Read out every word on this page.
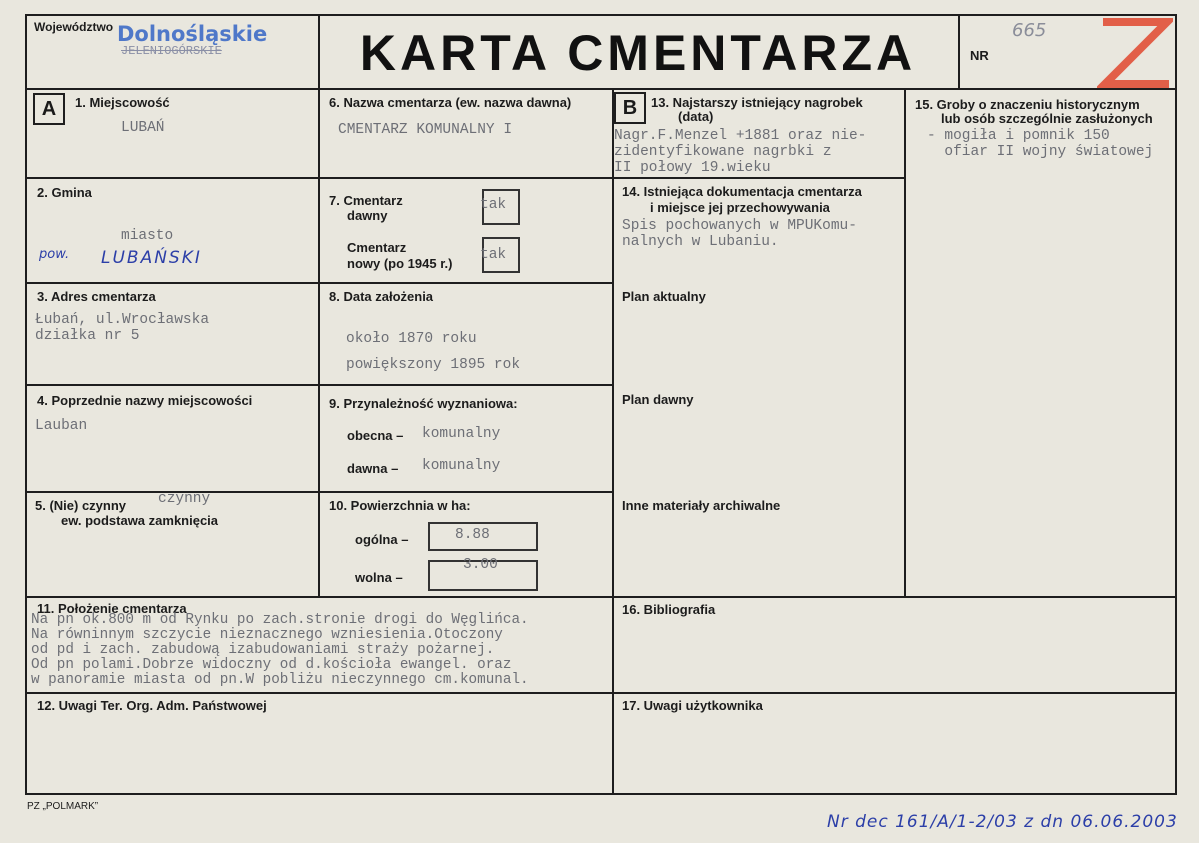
Województwo
JELENIOGÓRSKIE
Dolnośląskie	KARTA CMENTARZA	NR
665
A	1. Miejscowość
LUBAŃ
2. Gmina
miasto
pow. LUBAŃSKI
3. Adres cmentarza
Łubań, ul.Wrocławska
działka nr 5
4. Poprzednie nazwy miejscowości
Lauban
5. (Nie) czynny
ew. podstawa zamknięcia
czynny
6. Nazwa cmentarza (ew. nazwa dawna)
CMENTARZ KOMUNALNY I
7. Cmentarz
dawny
tak
Cmentarz
nowy (po 1945 r.)
tak
8. Data założenia
około 1870 roku
powiększony 1895 rok
9. Przynależność wyznaniowa:
obecna – komunalny
dawna – komunalny
10. Powierzchnia w ha:
ogólna –	8.88
wolna –
3.00
B	13. Najstarszy istniejący nagrobek
(data)
Nagr.F.Menzel +1881 oraz nie-
zidentyfikowane nagrbki z
II połowy 19.wieku
14. Istniejąca dokumentacja cmentarza
i miejsce jej przechowywania
Spis pochowanych w MPUKomu-
nalnych w Lubaniu.
Plan aktualny
Plan dawny
Inne materiały archiwalne
15. Groby o znaczeniu historycznym
lub osób szczególnie zasłużonych
- mogiła i pomnik 150
ofiar II wojny światowej
11. Położenie cmentarza
Na pn ok.800 m od Rynku po zach.stronie drogi do Węglińca.
Na równinnym szczycie nieznacznego wzniesienia.Otoczony
od pd i zach. zabudową izabudowaniami straży pożarnej.
Od pn polami.Dobrze widoczny od d.kościoła ewangel. oraz
w panoramie miasta od pn.W pobliżu nieczynnego cm.komunal.
16. Bibliografia
12. Uwagi Ter. Org. Adm. Państwowej	17. Uwagi użytkownika
PZ „POLMARK”
Nr dec 161/A/1-2/03 z dn 06.06.2003
